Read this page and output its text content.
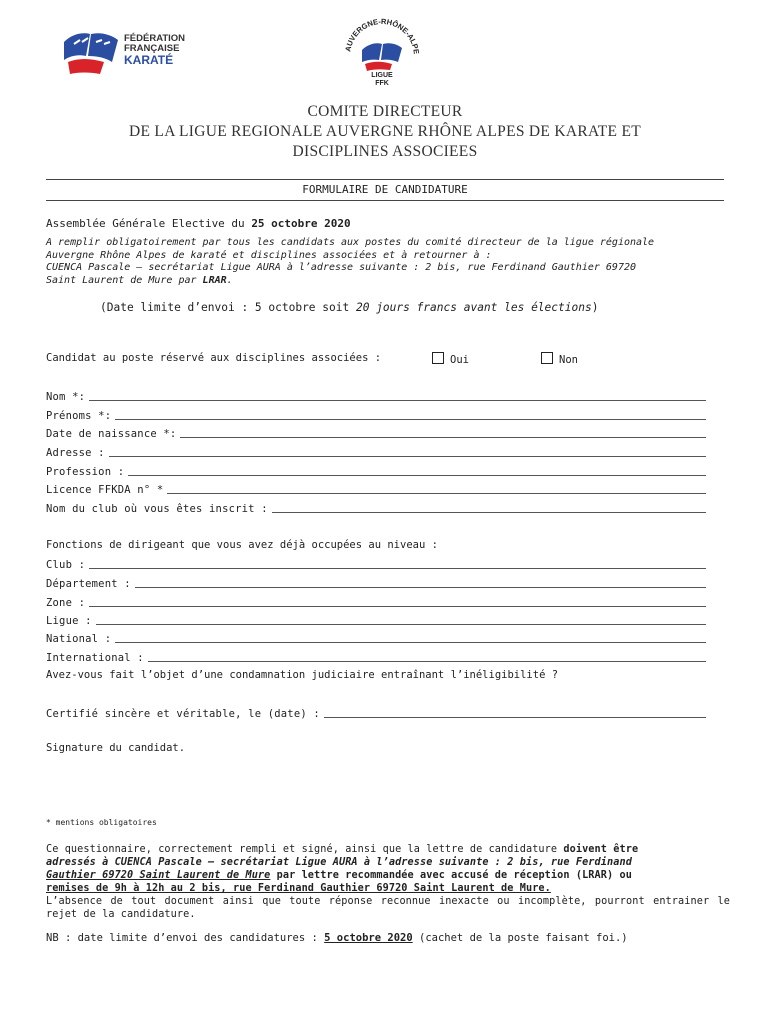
FÉDÉRATION
FRANÇAISE
KARATÉ
AUVERGNE-RHÔNE-ALPE
LIGUE
FFK
COMITE DIRECTEUR
DE LA LIGUE REGIONALE AUVERGNE RHÔNE ALPES DE KARATE ET
DISCIPLINES ASSOCIEES
FORMULAIRE DE CANDIDATURE
Assemblée Générale Elective du 25 octobre 2020
A remplir obligatoirement par tous les candidats aux postes du comité directeur de la ligue régionale
Auvergne Rhône Alpes de karaté et disciplines associées et à retourner à :
CUENCA Pascale – secrétariat Ligue AURA à l’adresse suivante : 2 bis, rue Ferdinand Gauthier 69720
Saint Laurent de Mure par LRAR.
(Date limite d’envoi : 5 octobre soit 20 jours francs avant les élections)
Candidat au poste réservé aux disciplines associées :	Oui	Non
Nom *:
Prénoms *:
Date de naissance *:
Adresse :
Profession :
Licence FFKDA n° *
Nom du club où vous êtes inscrit :
Fonctions de dirigeant que vous avez déjà occupées au niveau :
Club :
Département :
Zone :
Ligue :
National :
International :
Avez-vous fait l’objet d’une condamnation judiciaire entraînant l’inéligibilité ?
Certifié sincère et véritable, le (date) :
Signature du candidat.
* mentions obligatoires
Ce questionnaire, correctement rempli et signé, ainsi que la lettre de candidature doivent être
adressés à CUENCA Pascale – secrétariat Ligue AURA à l’adresse suivante : 2 bis, rue Ferdinand
Gauthier 69720 Saint Laurent de Mure par lettre recommandée avec accusé de réception (LRAR) ou
remises de 9h à 12h au 2 bis, rue Ferdinand Gauthier 69720 Saint Laurent de Mure.
L’absence de tout document ainsi que toute réponse reconnue inexacte ou incomplète, pourront entrainer le rejet de la candidature.
NB : date limite d’envoi des candidatures : 5 octobre 2020 (cachet de la poste faisant foi.)
